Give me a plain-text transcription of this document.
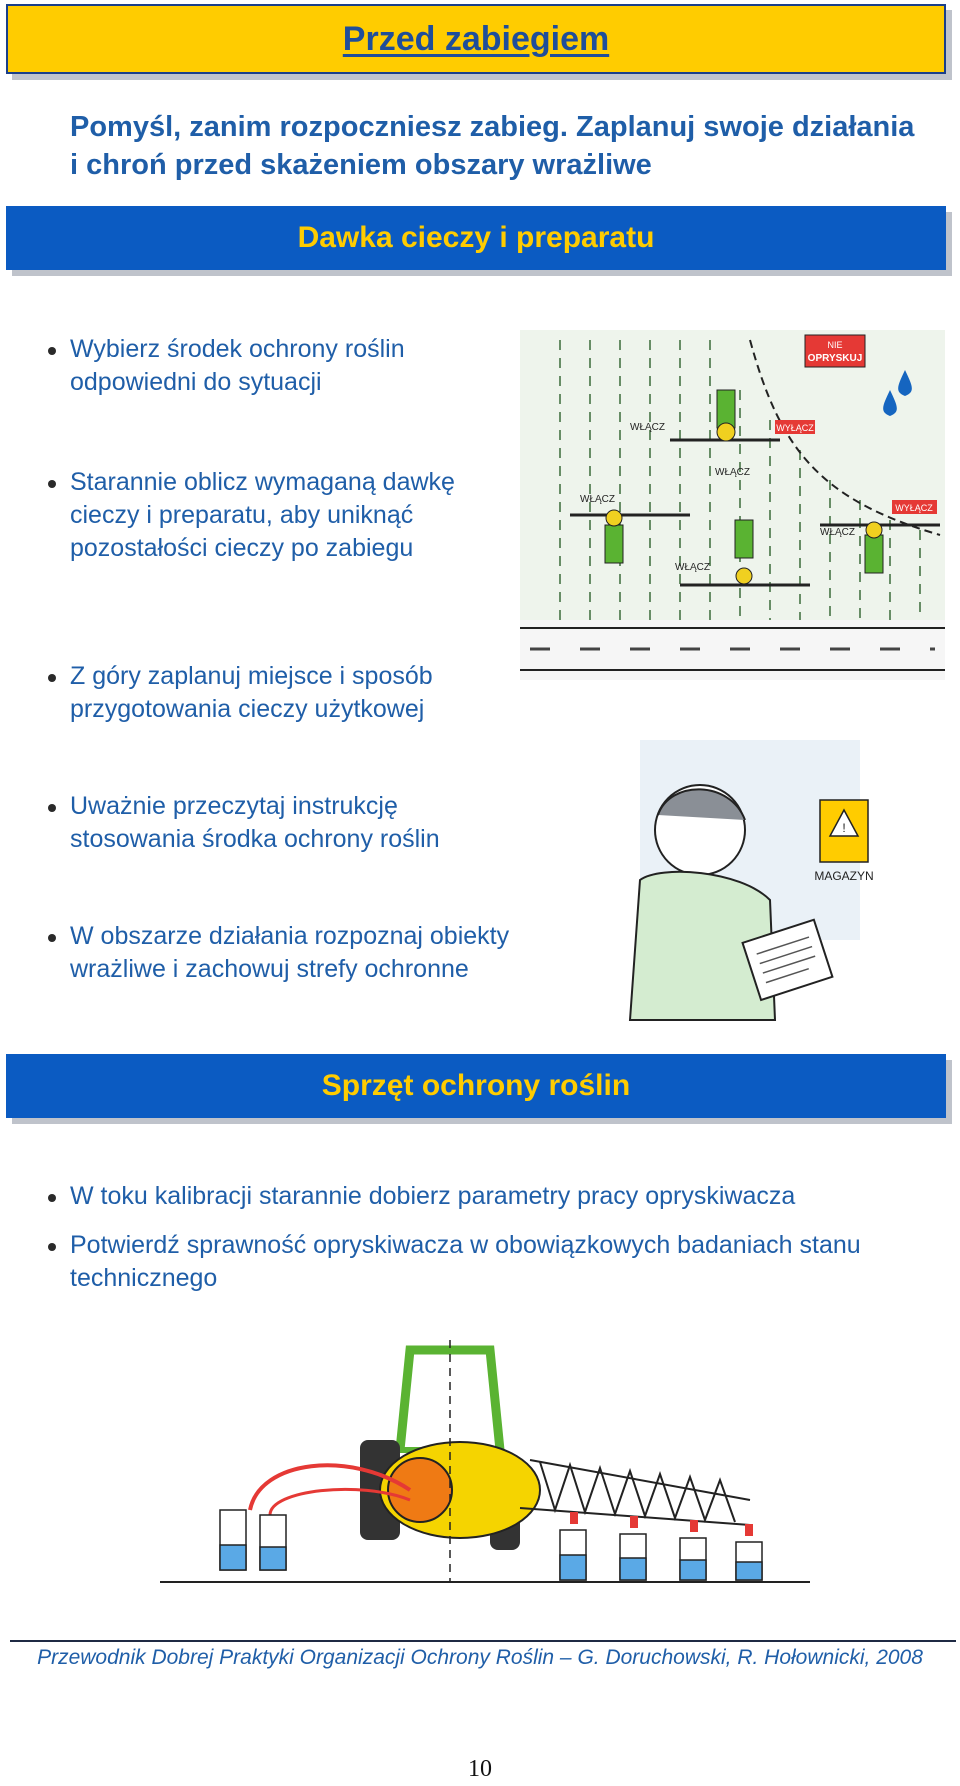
Przed zabiegiem
Pomyśl, zanim rozpoczniesz zabieg. Zaplanuj swoje działania i chroń przed skażeniem obszary wrażliwe
Dawka cieczy i preparatu
Wybierz środek ochrony roślin odpowiedni do sytuacji
Starannie oblicz wymaganą dawkę cieczy i preparatu, aby uniknąć pozostałości cieczy po zabiegu
Z góry zaplanuj miejsce i sposób przygotowania cieczy użytkowej
Uważnie przeczytaj instrukcję stosowania środka ochrony roślin
W obszarze działania rozpoznaj obiekty wrażliwe i zachowuj strefy ochronne
NIE
OPRYSKUJ
WYŁĄCZ
WYŁĄCZ
WŁĄCZ
WŁĄCZ
WŁĄCZ
WŁĄCZ
WŁĄCZ
!
MAGAZYN
Sprzęt ochrony roślin
W toku kalibracji starannie dobierz parametry pracy opryskiwacza
Potwierdź sprawność opryskiwacza w obowiązkowych badaniach stanu technicznego
Przewodnik Dobrej Praktyki Organizacji Ochrony Roślin – G. Doruchowski, R. Hołownicki, 2008
10
